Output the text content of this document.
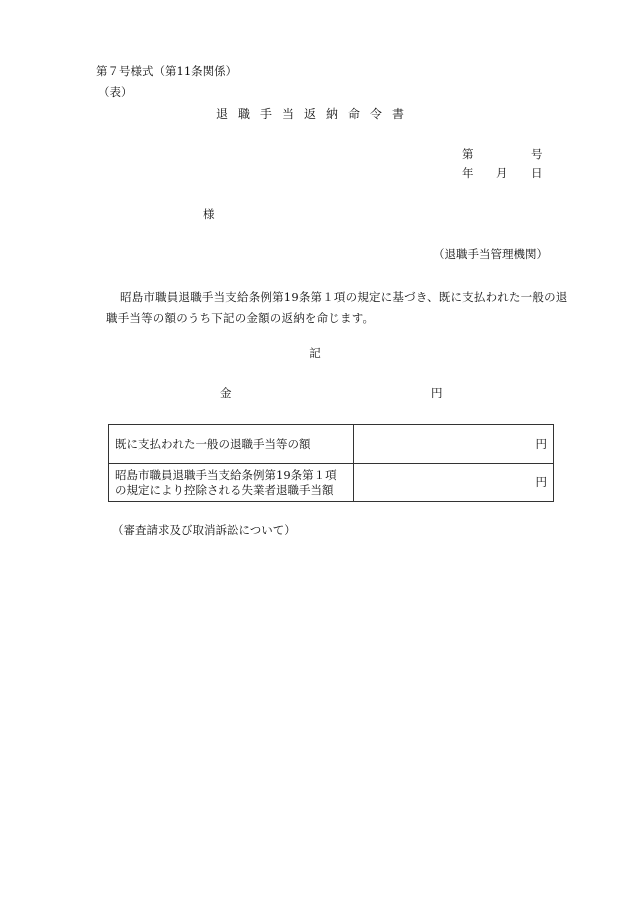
第７号様式（第11条関係）
（表）
退職手当返納命令書
第	号
年 月 日
様
（退職手当管理機関）
昭島市職員退職手当支給条例第19条第１項の規定に基づき、既に支払われた一般の退職手当等の額のうち下記の金額の返納を命じます。
記
金	円
既に支払われた一般の退職手当等の額	円
昭島市職員退職手当支給条例第19条第１項の規定により控除される失業者退職手当額	円
（審査請求及び取消訴訟について）
